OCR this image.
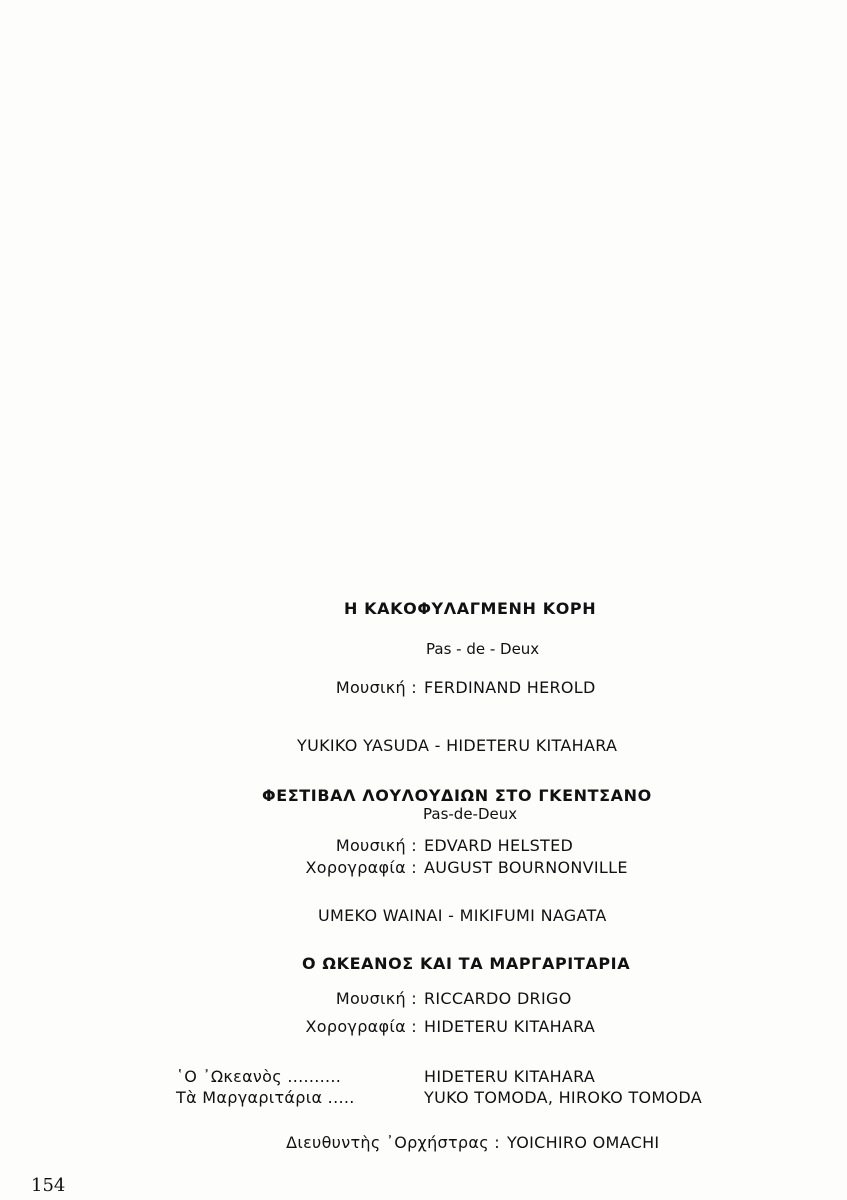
Η ΚΑΚΟΦΥΛΑΓΜΕΝΗ ΚΟΡΗ
Pas - de - Deux
Μουσική : FERDINAND HEROLD
YUKIKO YASUDA - HIDETERU KITAHARA
ΦΕΣΤΙΒΑΛ ΛΟΥΛΟΥΔΙΩΝ ΣΤΟ ΓΚΕΝΤΣΑΝΟ
Pas-de-Deux
Μουσική : EDVARD HELSTED
Χορογραφία : AUGUST BOURNONVILLE
UMEKO WAINAI - MIKIFUMI NAGATA
Ο ΩΚΕΑΝΟΣ ΚΑΙ ΤΑ ΜΑΡΓΑΡΙΤΑΡΙΑ
Μουσική : RICCARDO DRIGO
Χορογραφία : HIDETERU KITAHARA
῾Ο ᾿Ωκεανὸς ..........	HIDETERU KITAHARA
Τὰ Μαργαριτάρια .....	YUKO TOMODA, HIROKO TOMODA
Διευθυντὴς ᾿Ορχήστρας : YOICHIRO OMACHI
154
